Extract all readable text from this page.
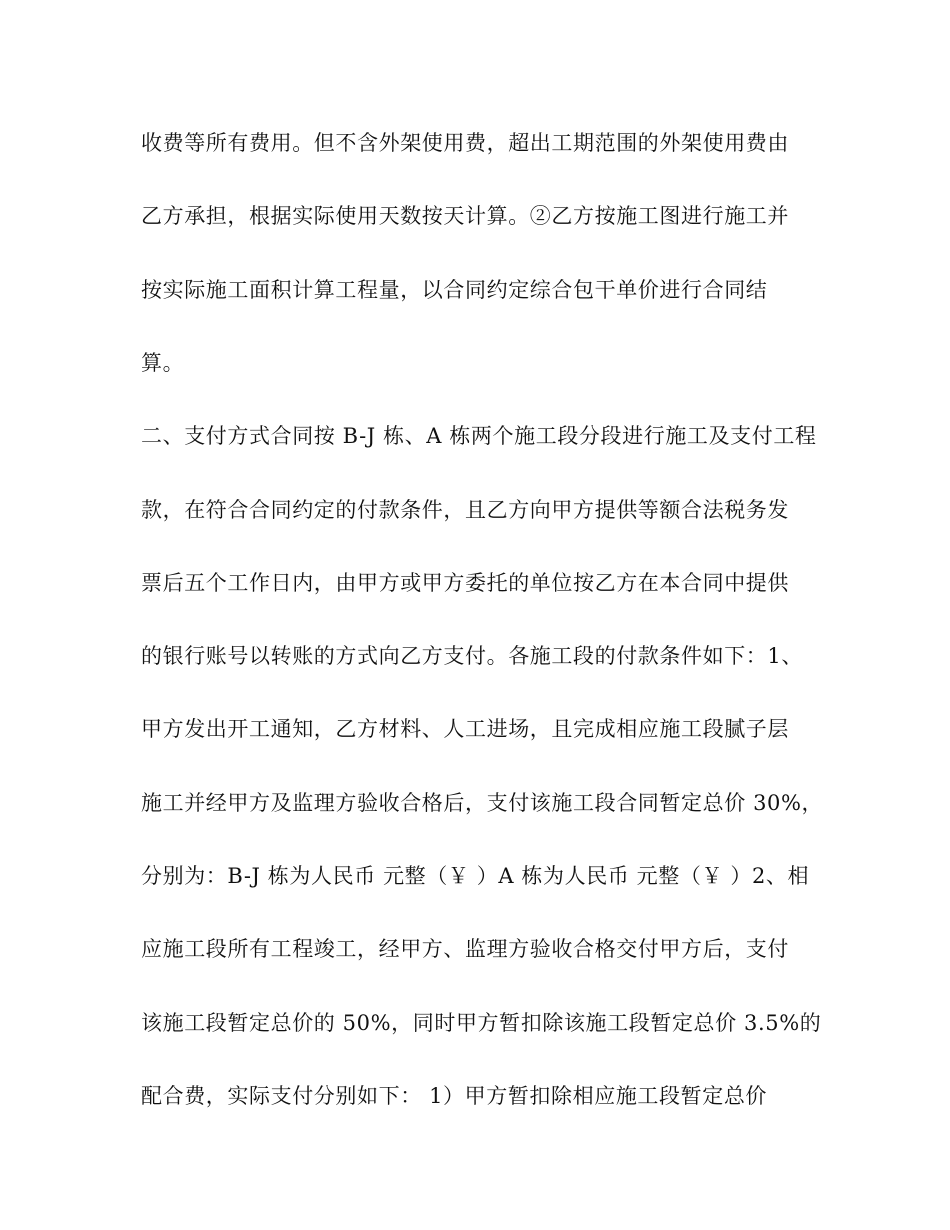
收费等所有费用。但不含外架使用费，超出工期范围的外架使用费由

乙方承担，根据实际使用天数按天计算。②乙方按施工图进行施工并

按实际施工面积计算工程量，以合同约定综合包干单价进行合同结

算。

二、支付方式合同按 B-J 栋、A 栋两个施工段分段进行施工及支付工程

款，在符合合同约定的付款条件，且乙方向甲方提供等额合法税务发

票后五个工作日内，由甲方或甲方委托的单位按乙方在本合同中提供

的银行账号以转账的方式向乙方支付。各施工段的付款条件如下：1、

甲方发出开工通知，乙方材料、人工进场，且完成相应施工段腻子层

施工并经甲方及监理方验收合格后，支付该施工段合同暂定总价 30%，

分别为：B-J 栋为人民币 元整（￥ ）A 栋为人民币 元整（￥ ）2、相

应施工段所有工程竣工，经甲方、监理方验收合格交付甲方后，支付

该施工段暂定总价的 50%，同时甲方暂扣除该施工段暂定总价 3.5%的

配合费，实际支付分别如下： 1）甲方暂扣除相应施工段暂定总价
